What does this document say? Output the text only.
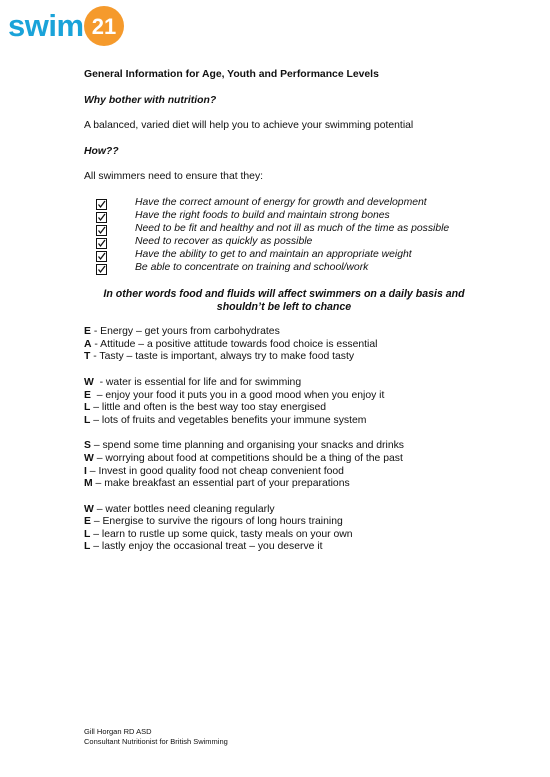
swim 21

General Information for Age, Youth and Performance Levels

Why bother with nutrition?

A balanced, varied diet will help you to achieve your swimming potential

How??

All swimmers need to ensure that they:

Have the correct amount of energy for growth and development
Have the right foods to build and maintain strong bones
Need to be fit and healthy and not ill as much of the time as possible
Need to recover as quickly as possible
Have the ability to get to and maintain an appropriate weight
Be able to concentrate on training and school/work

In other words food and fluids will affect swimmers on a daily basis and shouldn’t be left to chance

E - Energy – get yours from carbohydrates
A - Attitude – a positive attitude towards food choice is essential
T - Tasty – taste is important, always try to make food tasty
W  - water is essential for life and for swimming
E  – enjoy your food it puts you in a good mood when you enjoy it
L – little and often is the best way too stay energised
L – lots of fruits and vegetables benefits your immune system
S – spend some time planning and organising your snacks and drinks
W – worrying about food at competitions should be a thing of the past
I – Invest in good quality food not cheap convenient food
M – make breakfast an essential part of your preparations
W – water bottles need cleaning regularly
E – Energise to survive the rigours of long hours training
L – learn to rustle up some quick, tasty meals on your own
L – lastly enjoy the occasional treat – you deserve it
Gill Horgan RD ASD
Consultant Nutritionist for British Swimming
